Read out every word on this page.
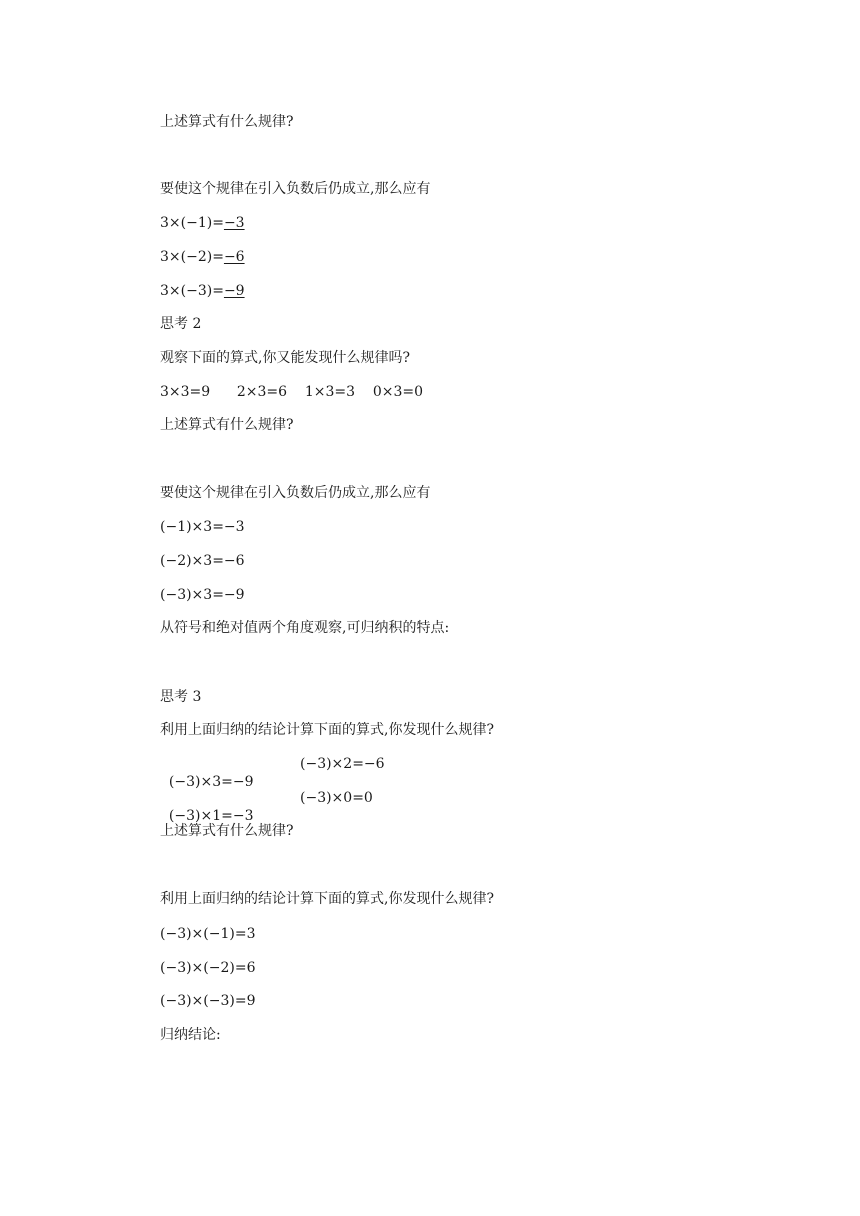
上述算式有什么规律?
要使这个规律在引入负数后仍成立,那么应有
3×(−1)=−3
3×(−2)=−6
3×(−3)=−9
思考 2
观察下面的算式,你又能发现什么规律吗?
3×3=9      2×3=6    1×3=3    0×3=0
上述算式有什么规律?
要使这个规律在引入负数后仍成立,那么应有
(−1)×3=−3
(−2)×3=−6
(−3)×3=−9
从符号和绝对值两个角度观察,可归纳积的特点:
思考 3
利用上面归纳的结论计算下面的算式,你发现什么规律?

(−3)×3=−9

(−3)×2=−6

(−3)×1=−3

(−3)×0=0

上述算式有什么规律?
利用上面归纳的结论计算下面的算式,你发现什么规律?
(−3)×(−1)=3
(−3)×(−2)=6
(−3)×(−3)=9
归纳结论:
